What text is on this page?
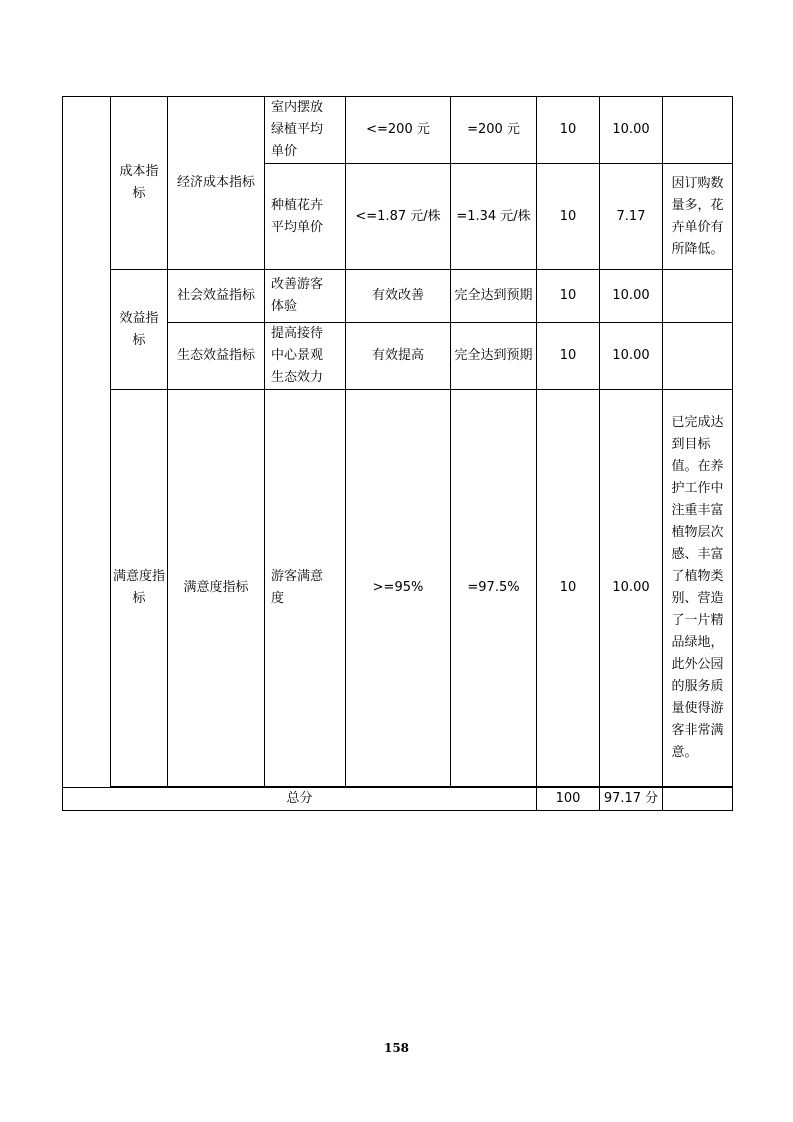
	成本指标	经济成本指标	室内摆放绿植平均单价	<=200 元	=200 元	10	10.00	
			种植花卉平均单价	<=1.87 元/株	=1.34 元/株	10	7.17	因订购数量多，花卉单价有所降低。
	效益指标	社会效益指标	改善游客体验	有效改善	完全达到预期	10	10.00	
		生态效益指标	提高接待中心景观生态效力	有效提高	完全达到预期	10	10.00	
	满意度指标	满意度指标	游客满意度	>=95%	=97.5%	10	10.00	已完成达到目标值。在养护工作中注重丰富植物层次感、丰富了植物类别、营造了一片精品绿地，此外公园的服务质量使得游客非常满意。

总分						100	97.17 分	
158
